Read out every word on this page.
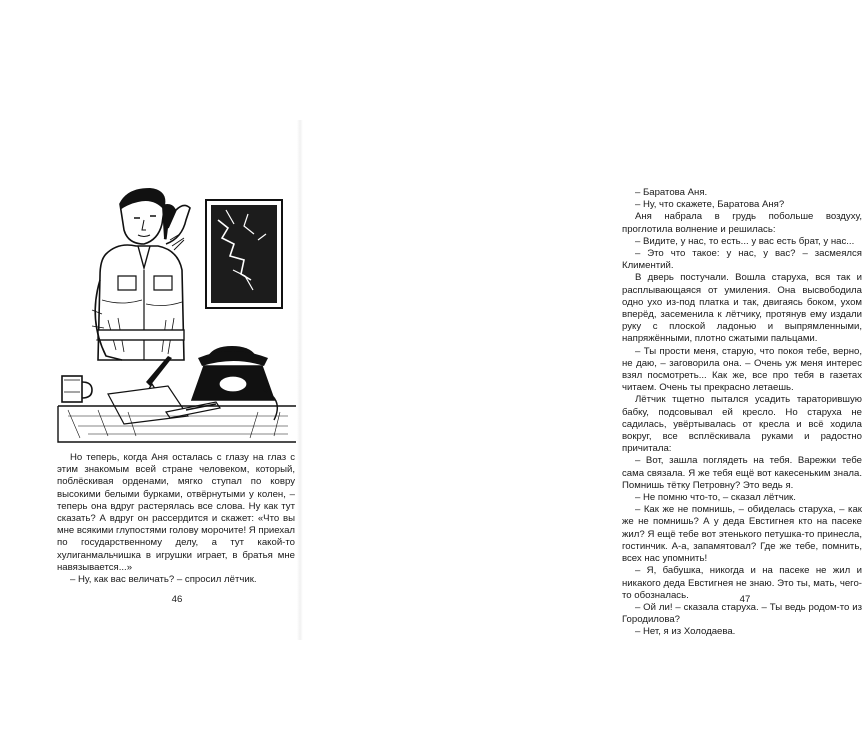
Но теперь, когда Аня осталась с глазу на глаз с этим знакомым всей стране человеком, который, поблёскивая орденами, мягко ступал по ковру высокими белыми бурками, отвёрнутыми у колен, – теперь она вдруг растерялась все слова. Ну как тут сказать? А вдруг он рассердится и скажет: «Что вы мне всякими глупостями голову морочите! Я приехал по государственному делу, а тут какой-то хулиганмальчишка в игрушки играет, в братья мне навязывается...»

– Ну, как вас величать? – спросил лётчик.

46

– Баратова Аня.

– Ну, что скажете, Баратова Аня?

Аня набрала в грудь побольше воздуху, проглотила волнение и решилась:

– Видите, у нас, то есть... у вас есть брат, у нас...

– Это что такое: у нас, у вас? – засмеялся Климентий.

В дверь постучали. Вошла старуха, вся так и расплывающаяся от умиления. Она высвободила одно ухо из-под платка и так, двигаясь боком, ухом вперёд, засеменила к лётчику, протянув ему издали руку с плоской ладонью и выпрямленными, напряжёнными, плотно сжатыми пальцами.

– Ты прости меня, старую, что покоя тебе, верно, не даю, – заговорила она. – Очень уж меня интерес взял посмотреть... Как же, все про тебя в газетах читаем. Очень ты прекрасно летаешь.

Лётчик тщетно пытался усадить тараторившую бабку, подсовывал ей кресло. Но старуха не садилась, увёртывалась от кресла и всё ходила вокруг, все всплёскивала руками и радостно причитала:

– Вот, зашла поглядеть на тебя. Варежки тебе сама связала. Я же тебя ещё вот какесеньким знала. Помнишь тётку Петровну? Это ведь я.

– Не помню что-то, – сказал лётчик.

– Как же не помнишь, – обиделась старуха, – как же не помнишь? А у деда Евстигнея кто на пасеке жил? Я ещё тебе вот этенького петушка-то принесла, гостинчик. А-а, запамятовал? Где же тебе, помнить, всех нас упомнить!

– Я, бабушка, никогда и на пасеке не жил и никакого деда Евстигнея не знаю. Это ты, мать, чего-то обозналась.

– Ой ли! – сказала старуха. – Ты ведь родом-то из Городилова?

– Нет, я из Холодаева.

47
